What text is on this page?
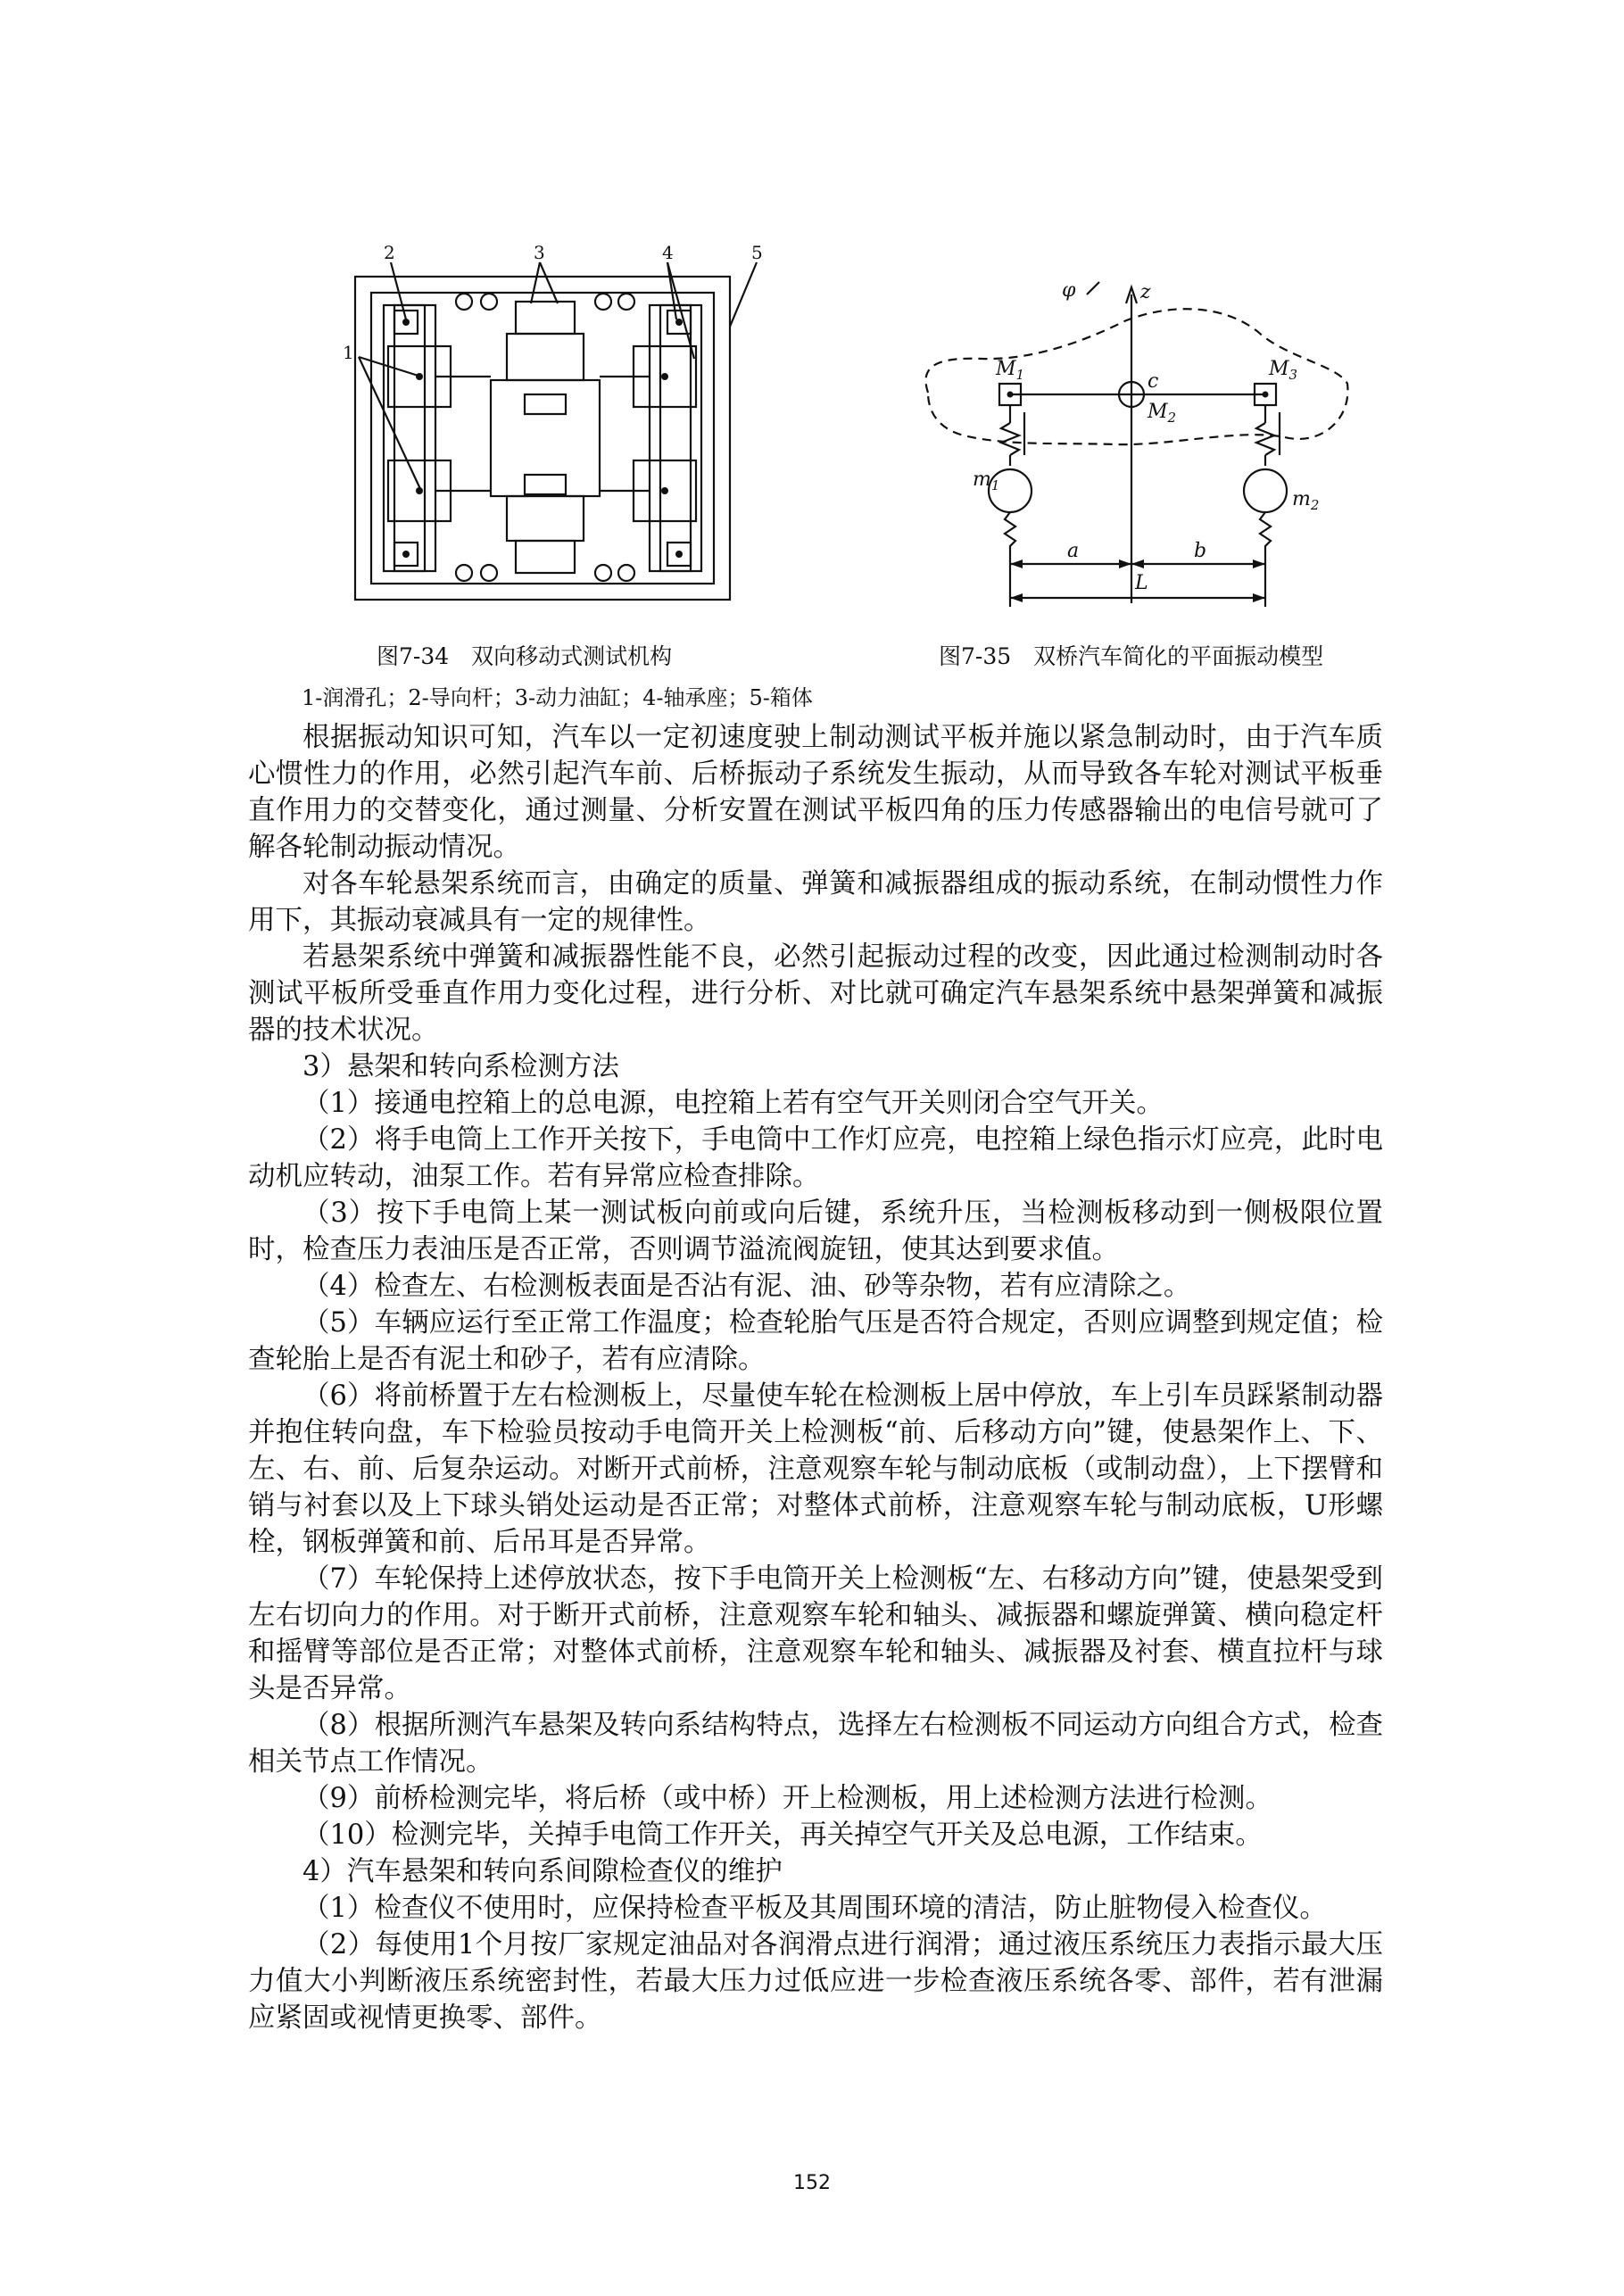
1
2	3	4	5
图7-34　双向移动式测试机构
φ	z
$M_1$	$M_3$
c
$M_2$
$m_1$
$m_2$
a	b
L
图7-35　双桥汽车简化的平面振动模型
1-润滑孔；2-导向杆；3-动力油缸；4-轴承座；5-箱体

根据振动知识可知，汽车以一定初速度驶上制动测试平板并施以紧急制动时，由于汽车质心惯性力的作用，必然引起汽车前、后桥振动子系统发生振动，从而导致各车轮对测试平板垂直作用力的交替变化，通过测量、分析安置在测试平板四角的压力传感器输出的电信号就可了解各轮制动振动情况。

对各车轮悬架系统而言，由确定的质量、弹簧和减振器组成的振动系统，在制动惯性力作用下，其振动衰减具有一定的规律性。

若悬架系统中弹簧和减振器性能不良，必然引起振动过程的改变，因此通过检测制动时各测试平板所受垂直作用力变化过程，进行分析、对比就可确定汽车悬架系统中悬架弹簧和减振器的技术状况。

3）悬架和转向系检测方法

（1）接通电控箱上的总电源，电控箱上若有空气开关则闭合空气开关。

（2）将手电筒上工作开关按下，手电筒中工作灯应亮，电控箱上绿色指示灯应亮，此时电动机应转动，油泵工作。若有异常应检查排除。

（3）按下手电筒上某一测试板向前或向后键，系统升压，当检测板移动到一侧极限位置时，检查压力表油压是否正常，否则调节溢流阀旋钮，使其达到要求值。

（4）检查左、右检测板表面是否沾有泥、油、砂等杂物，若有应清除之。

（5）车辆应运行至正常工作温度；检查轮胎气压是否符合规定，否则应调整到规定值；检查轮胎上是否有泥土和砂子，若有应清除。

（6）将前桥置于左右检测板上，尽量使车轮在检测板上居中停放，车上引车员踩紧制动器并抱住转向盘，车下检验员按动手电筒开关上检测板“前、后移动方向”键，使悬架作上、下、左、右、前、后复杂运动。对断开式前桥，注意观察车轮与制动底板（或制动盘），上下摆臂和销与衬套以及上下球头销处运动是否正常；对整体式前桥，注意观察车轮与制动底板，U形螺栓，钢板弹簧和前、后吊耳是否异常。

（7）车轮保持上述停放状态，按下手电筒开关上检测板“左、右移动方向”键，使悬架受到左右切向力的作用。对于断开式前桥，注意观察车轮和轴头、减振器和螺旋弹簧、横向稳定杆和摇臂等部位是否正常；对整体式前桥，注意观察车轮和轴头、减振器及衬套、横直拉杆与球头是否异常。

（8）根据所测汽车悬架及转向系结构特点，选择左右检测板不同运动方向组合方式，检查相关节点工作情况。

（9）前桥检测完毕，将后桥（或中桥）开上检测板，用上述检测方法进行检测。

（10）检测完毕，关掉手电筒工作开关，再关掉空气开关及总电源，工作结束。

4）汽车悬架和转向系间隙检查仪的维护

（1）检查仪不使用时，应保持检查平板及其周围环境的清洁，防止脏物侵入检查仪。

（2）每使用1个月按厂家规定油品对各润滑点进行润滑；通过液压系统压力表指示最大压力值大小判断液压系统密封性，若最大压力过低应进一步检查液压系统各零、部件，若有泄漏应紧固或视情更换零、部件。

152
